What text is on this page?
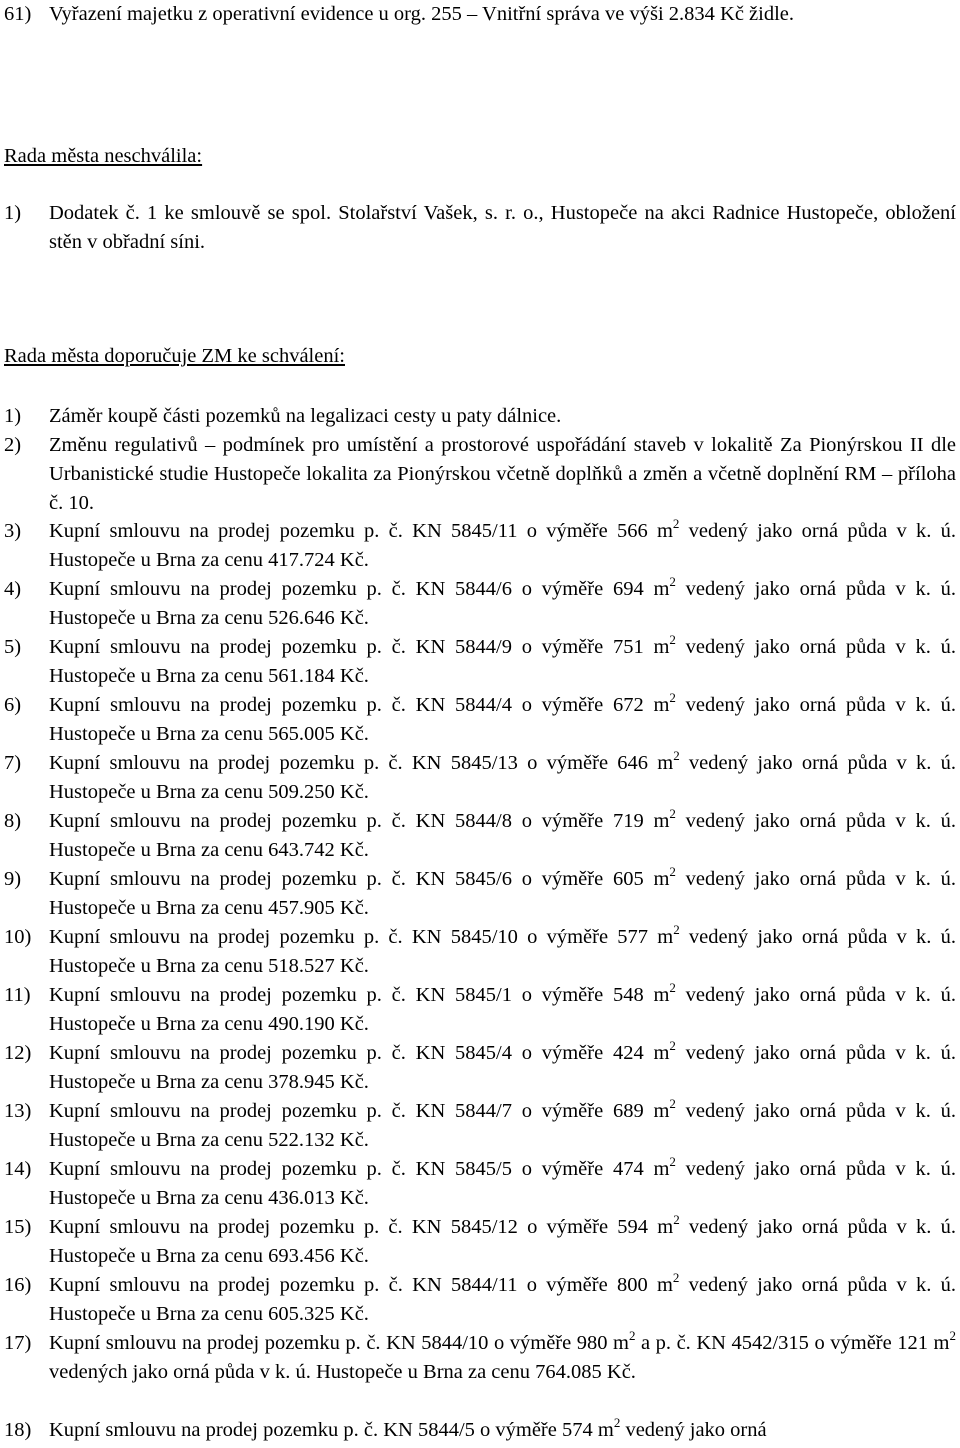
61) Vyřazení majetku z operativní evidence u org. 255 – Vnitřní správa ve výši 2.834 Kč židle.
Rada města neschválila:
1)	Dodatek č. 1 ke smlouvě se spol. Stolařství Vašek, s. r. o., Hustopeče na akci Radnice Hustopeče, obložení stěn v obřadní síni.
Rada města doporučuje ZM ke schválení:
1)	Záměr koupě části pozemků na legalizaci cesty u paty dálnice.
2)	Změnu regulativů – podmínek pro umístění a prostorové uspořádání staveb v lokalitě Za Pionýrskou II dle Urbanistické studie Hustopeče lokalita za Pionýrskou včetně doplňků a změn a včetně doplnění RM – příloha č. 10.
3)	Kupní smlouvu na prodej pozemku p. č. KN 5845/11 o výměře 566 $m^2$ vedený jako orná půda v k. ú. Hustopeče u Brna za cenu 417.724 Kč.
4)	Kupní smlouvu na prodej pozemku p. č. KN 5844/6 o výměře 694 $m^2$ vedený jako orná půda v k. ú. Hustopeče u Brna za cenu 526.646 Kč.
5)	Kupní smlouvu na prodej pozemku p. č. KN 5844/9 o výměře 751 $m^2$ vedený jako orná půda v k. ú. Hustopeče u Brna za cenu 561.184 Kč.
6)	Kupní smlouvu na prodej pozemku p. č. KN 5844/4 o výměře 672 $m^2$ vedený jako orná půda v k. ú. Hustopeče u Brna za cenu 565.005 Kč.
7)	Kupní smlouvu na prodej pozemku p. č. KN 5845/13 o výměře 646 $m^2$ vedený jako orná půda v k. ú. Hustopeče u Brna za cenu 509.250 Kč.
8)	Kupní smlouvu na prodej pozemku p. č. KN 5844/8 o výměře 719 $m^2$ vedený jako orná půda v k. ú. Hustopeče u Brna za cenu 643.742 Kč.
9)	Kupní smlouvu na prodej pozemku p. č. KN 5845/6 o výměře 605 $m^2$ vedený jako orná půda v k. ú. Hustopeče u Brna za cenu 457.905 Kč.
10) Kupní smlouvu na prodej pozemku p. č. KN 5845/10 o výměře 577 $m^2$ vedený jako orná půda v k. ú. Hustopeče u Brna za cenu 518.527 Kč.
11) Kupní smlouvu na prodej pozemku p. č. KN 5845/1 o výměře 548 $m^2$ vedený jako orná půda v k. ú. Hustopeče u Brna za cenu 490.190 Kč.
12) Kupní smlouvu na prodej pozemku p. č. KN 5845/4 o výměře 424 $m^2$ vedený jako orná půda v k. ú. Hustopeče u Brna za cenu 378.945 Kč.
13) Kupní smlouvu na prodej pozemku p. č. KN 5844/7 o výměře 689 $m^2$ vedený jako orná půda v k. ú. Hustopeče u Brna za cenu 522.132 Kč.
14) Kupní smlouvu na prodej pozemku p. č. KN 5845/5 o výměře 474 $m^2$ vedený jako orná půda v k. ú. Hustopeče u Brna za cenu 436.013 Kč.
15) Kupní smlouvu na prodej pozemku p. č. KN 5845/12 o výměře 594 $m^2$ vedený jako orná půda v k. ú. Hustopeče u Brna za cenu 693.456 Kč.
16) Kupní smlouvu na prodej pozemku p. č. KN 5844/11 o výměře 800 $m^2$ vedený jako orná půda v k. ú. Hustopeče u Brna za cenu 605.325 Kč.
17) Kupní smlouvu na prodej pozemku p. č. KN 5844/10 o výměře 980 $m^2$ a p. č. KN 4542/315 o výměře 121 $m^2$ vedených jako orná půda v k. ú. Hustopeče u Brna za cenu 764.085 Kč.
18) Kupní smlouvu na prodej pozemku p. č. KN 5844/5 o výměře 574 $m^2$ vedený jako orná
